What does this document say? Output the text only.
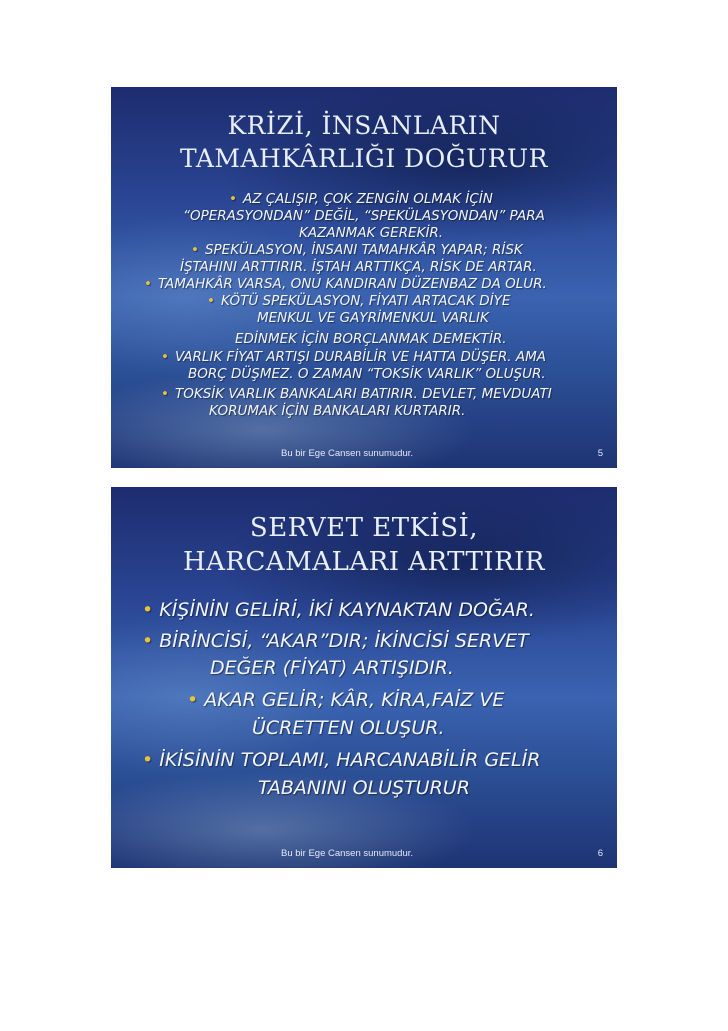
KRİZİ, İNSANLARIN
TAMAHKÂRLIĞI DOĞURUR
• AZ ÇALIŞIP, ÇOK ZENGİN OLMAK İÇİN
“OPERASYONDAN” DEĞİL, “SPEKÜLASYONDAN” PARA
KAZANMAK GEREKİR.
• SPEKÜLASYON, İNSANI TAMAHKÂR YAPAR; RİSK
İŞTAHINI ARTTIRIR. İŞTAH ARTTIKÇA, RİSK DE ARTAR.
• TAMAHKÂR VARSA, ONU KANDIRAN DÜZENBAZ DA OLUR.
• KÖTÜ SPEKÜLASYON, FİYATI ARTACAK DİYE
MENKUL VE GAYRİMENKUL VARLIK
EDİNMEK İÇİN BORÇLANMAK DEMEKTİR.
• VARLIK FİYAT ARTIŞI DURABİLİR VE HATTA DÜŞER. AMA
BORÇ DÜŞMEZ. O ZAMAN “TOKSİK VARLIK” OLUŞUR.
• TOKSİK VARLIK BANKALARI BATIRIR. DEVLET, MEVDUATI
KORUMAK İÇİN BANKALARI KURTARIR.
Bu bir Ege Cansen sunumudur.	5
SERVET ETKİSİ,
HARCAMALARI ARTTIRIR
• KİŞİNİN GELİRİ, İKİ KAYNAKTAN DOĞAR.
• BİRİNCİSİ, “AKAR”DIR; İKİNCİSİ SERVET
DEĞER (FİYAT) ARTIŞIDIR.
• AKAR GELİR; KÂR, KİRA,FAİZ VE
ÜCRETTEN OLUŞUR.
• İKİSİNİN TOPLAMI, HARCANABİLİR GELİR
TABANINI OLUŞTURUR
Bu bir Ege Cansen sunumudur.	6
